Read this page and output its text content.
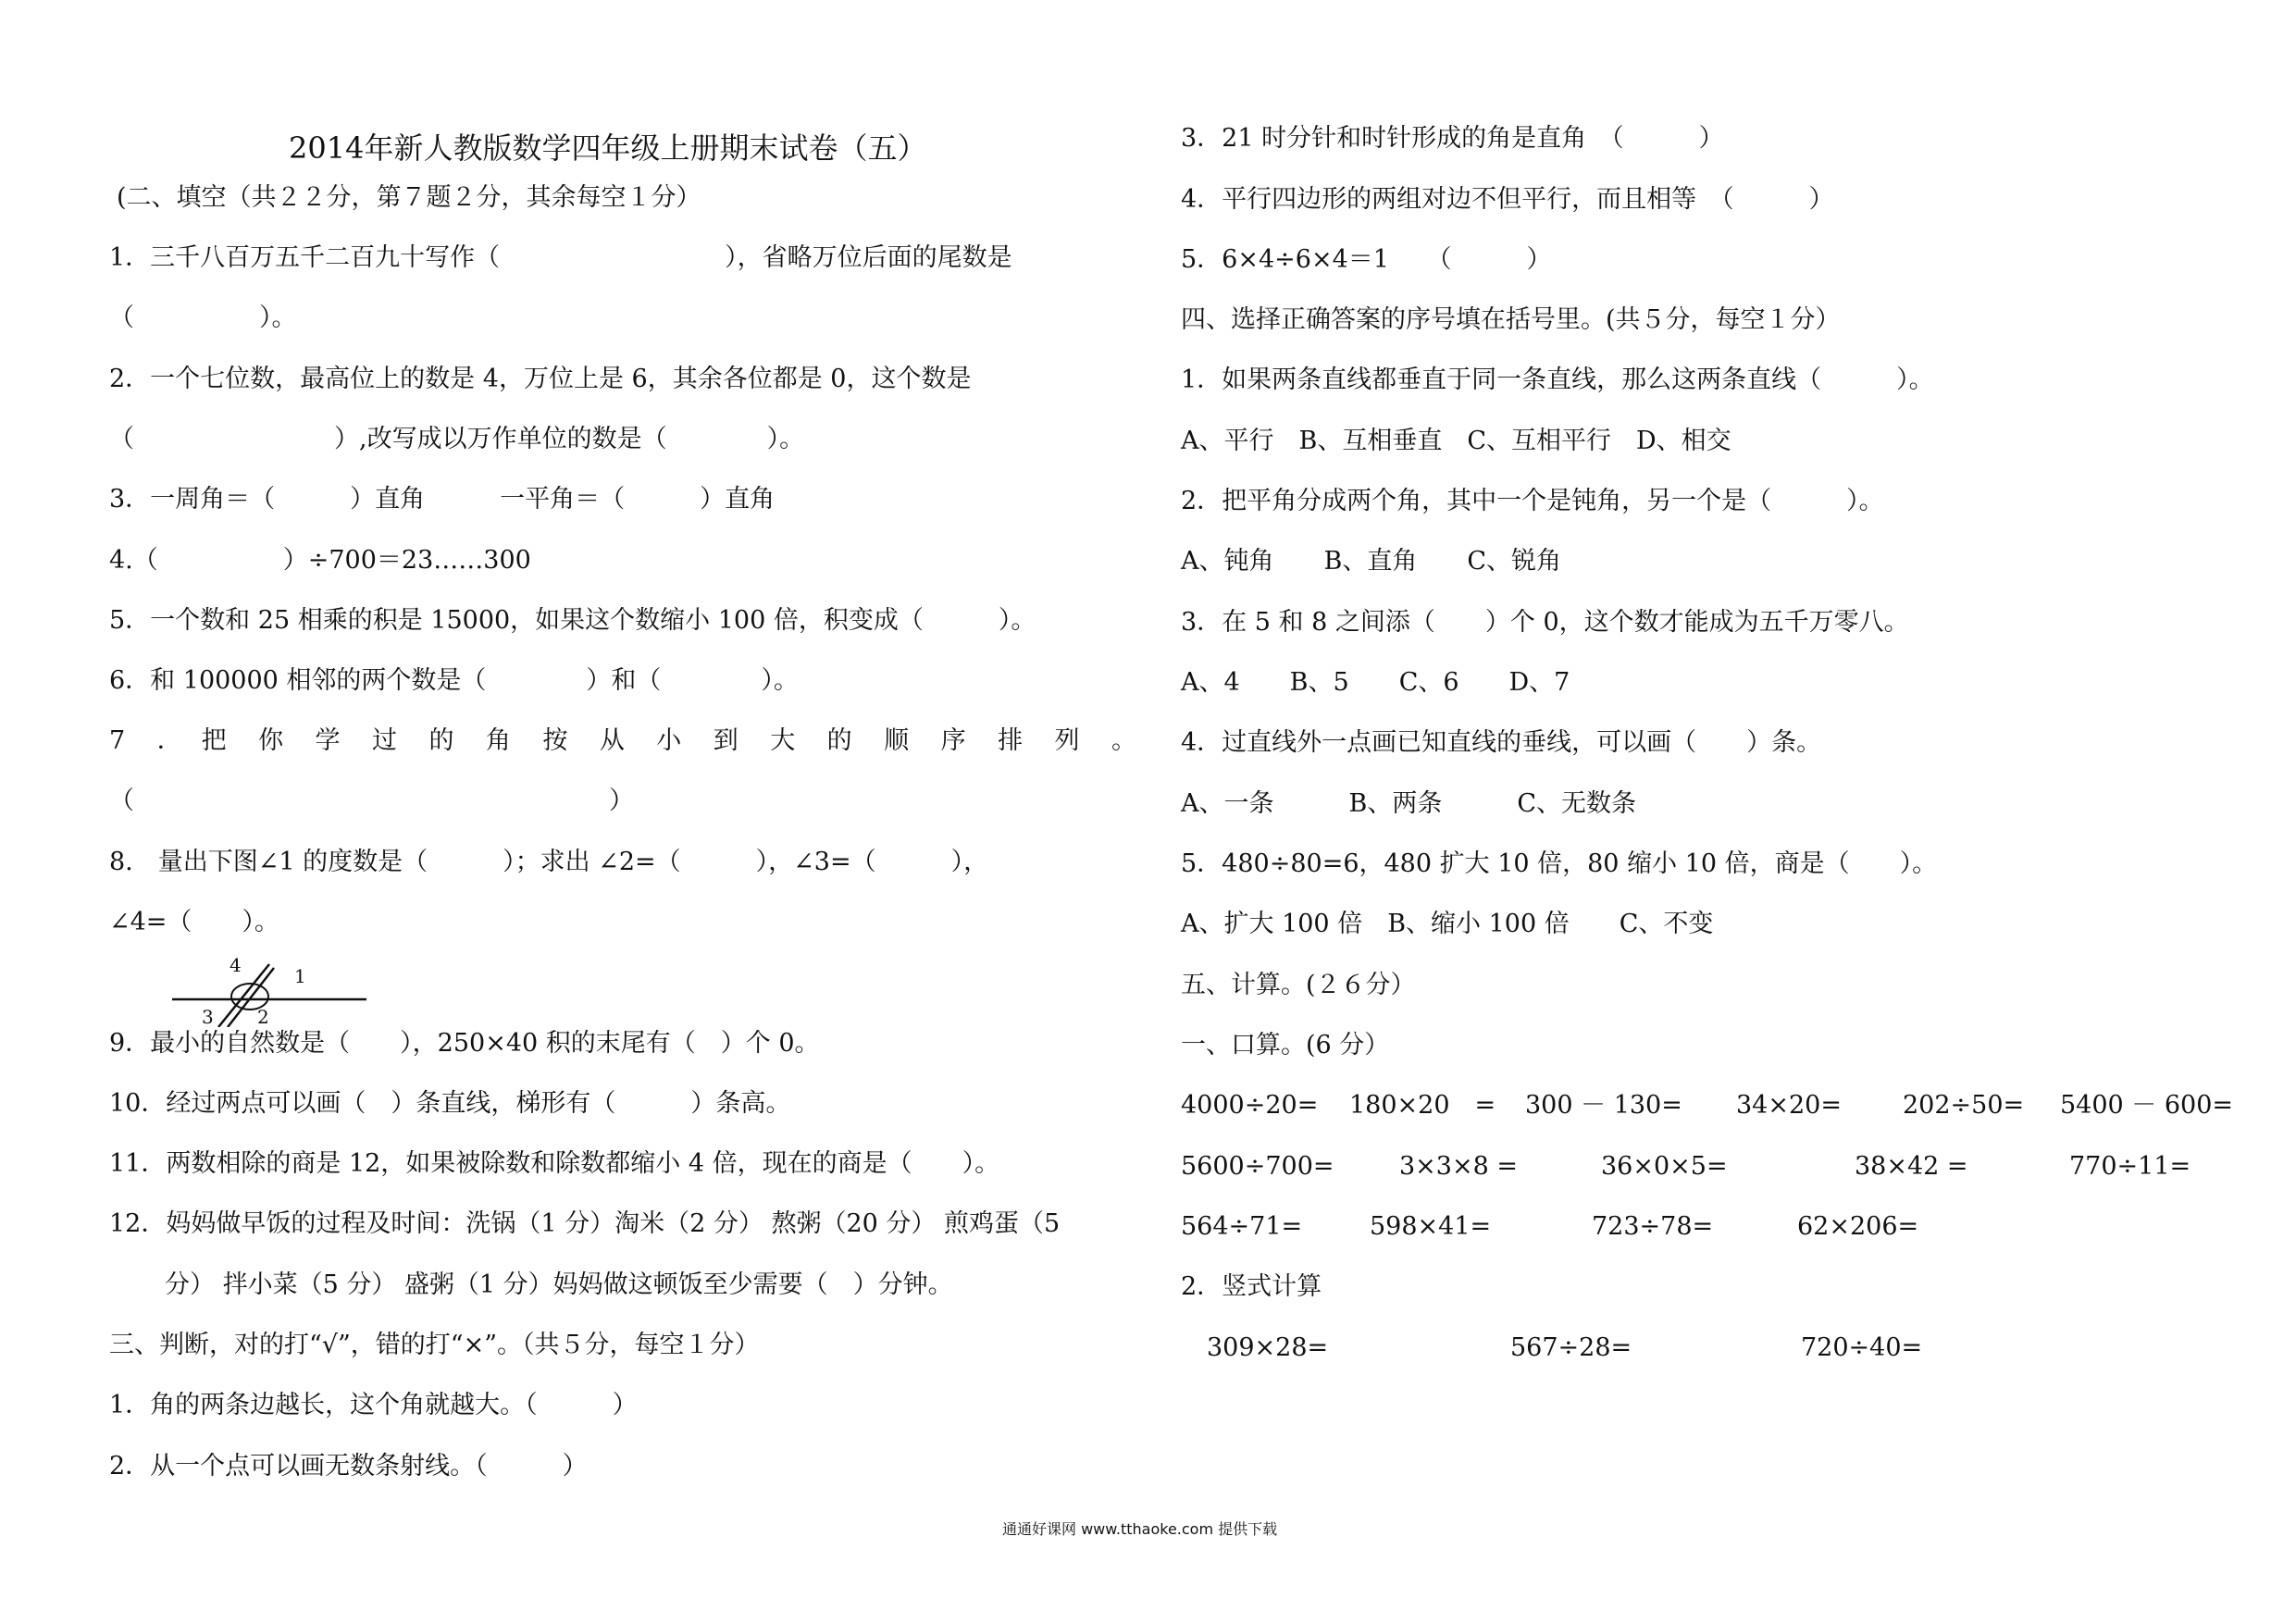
2014年新人教版数学四年级上册期末试卷（五）
(二、填空（共２２分，第７题２分，其余每空１分）
1．三千八百万五千二百九十写作（　　　　　　　　　），省略万位后面的尾数是
（　　　　　）。
2．一个七位数，最高位上的数是 4，万位上是 6，其余各位都是 0，这个数是
（　　　　　　　　）,改写成以万作单位的数是（　　　　）。
3．一周角＝（　　　）直角　　　一平角＝（　　　）直角
4.（　　　　　）÷700＝23……300
5．一个数和 25 相乘的积是 15000，如果这个数缩小 100 倍，积变成（　　　）。
6．和 100000 相邻的两个数是（　　　　）和（　　　　）。
7　．　把　你　学　过　的　角　按　从　小　到　大　的　顺　序　排　列　。
（　　　　　　　　　　　　　　　　　　　）
8.　量出下图∠1 的度数是（　　　）；求出 ∠2=（　　　），∠3=（　　　），
∠4=（　　）。
9．最小的自然数是（　　），250×40 积的末尾有（　）个 0。
10．经过两点可以画（　）条直线，梯形有（　　　）条高。
11．两数相除的商是 12，如果被除数和除数都缩小 4 倍，现在的商是（　　）。
12．妈妈做早饭的过程及时间：洗锅（1 分）淘米（2 分） 熬粥（20 分） 煎鸡蛋（5
分） 拌小菜（5 分） 盛粥（1 分）妈妈做这顿饭至少需要（　）分钟。
三、判断，对的打“√”，错的打“×”。（共５分，每空１分）
1．角的两条边越长，这个角就越大。（　　　）
2．从一个点可以画无数条射线。（　　　）
4	1
3 2
3．21 时分针和时针形成的角是直角　（　　　）
4．平行四边形的两组对边不但平行，而且相等　（　　　）
5．6×4÷6×4＝1　　（　　　）
四、选择正确答案的序号填在括号里。(共５分，每空１分）
1．如果两条直线都垂直于同一条直线，那么这两条直线（　　　）。
A、平行　B、互相垂直　C、互相平行　D、相交
2．把平角分成两个角，其中一个是钝角，另一个是（　　　）。
A、钝角　　B、直角　　C、锐角
3．在 5 和 8 之间添（　　）个 0，这个数才能成为五千万零八。
A、4　　B、5　　C、6　　D、7
4．过直线外一点画已知直线的垂线，可以画（　　）条。
A、一条　　　B、两条　　　C、无数条
5．480÷80=6，480 扩大 10 倍，80 缩小 10 倍，商是（　　）。
A、扩大 100 倍　B、缩小 100 倍　　C、不变
五、计算。(２６分）
一、口算。(6 分）
4000÷20= 180×20　= 300 － 130= 34×20= 202÷50= 5400 － 600=
5600÷700=	3×3×8 =	36×0×5=	38×42 =	770÷11=
564÷71=	598×41=	723÷78=	62×206=
2．竖式计算
309×28=	567÷28=	720÷40=
通通好课网 www.tthaoke.com 提供下载
